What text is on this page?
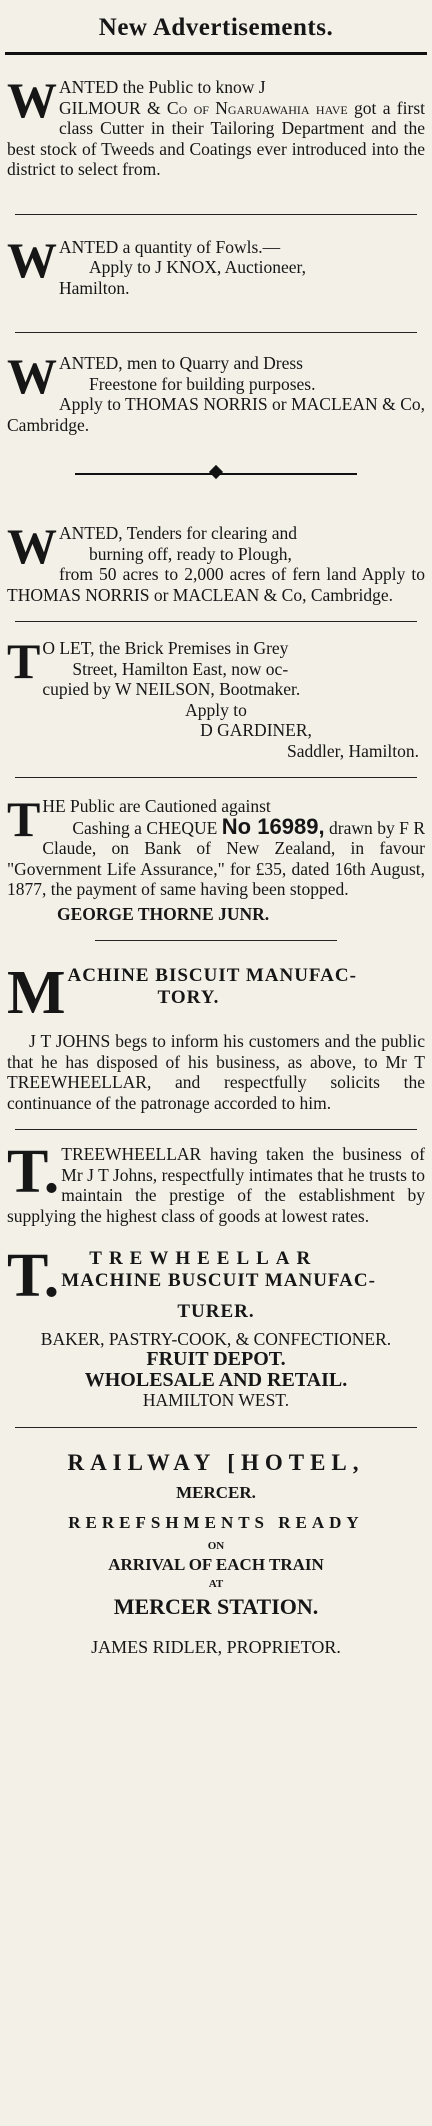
New Advertisements.
W ANTED the Public to know J
GILMOUR & Co of Ngaruawahia have got a first class Cutter in their Tailoring Department and the best stock of Tweeds and Coatings ever introduced into the district to select from.
W ANTED a quantity of Fowls.—
Apply to J KNOX, Auctioneer,
Hamilton.
W ANTED, men to Quarry and Dress
Freestone for building purposes.
Apply to THOMAS NORRIS or MACLEAN & Co, Cambridge.
W ANTED, Tenders for clearing and
burning off, ready to Plough,
from 50 acres to 2,000 acres of fern land Apply to THOMAS NORRIS or MACLEAN & Co, Cambridge.
T O LET, the Brick Premises in Grey
Street, Hamilton East, now oc-
cupied by W NEILSON, Bootmaker.
Apply to
D GARDINER,
Saddler, Hamilton.
T HE Public are Cautioned against
Cashing a CHEQUE No 16989, drawn by F R Claude, on Bank of New Zealand, in favour "Government Life Assurance," for £35, dated 16th August, 1877, the payment of same having been stopped.
GEORGE THORNE JUNR.
M ACHINE BISCUIT MANUFAC-
TORY.

J T JOHNS begs to inform his customers and the public that he has disposed of his business, as above, to Mr T TREEWHEELLAR, and respectfully solicits the continuance of the patronage accorded to him.

T. TREEWHEELLAR having taken the business of Mr J T Johns, respectfully intimates that he trusts to maintain the prestige of the establishment by supplying the highest class of goods at lowest rates.
T. TREWHEELLAR
MACHINE BUSCUIT MANUFAC-
TURER.
BAKER, PASTRY-COOK, & CONFECTIONER.
FRUIT DEPOT.
WHOLESALE AND RETAIL.
HAMILTON WEST.
RAILWAY [HOTEL,
MERCER.
REREFSHMENTS READY
ON
ARRIVAL OF EACH TRAIN
AT
MERCER STATION.
JAMES RIDLER, PROPRIETOR.
